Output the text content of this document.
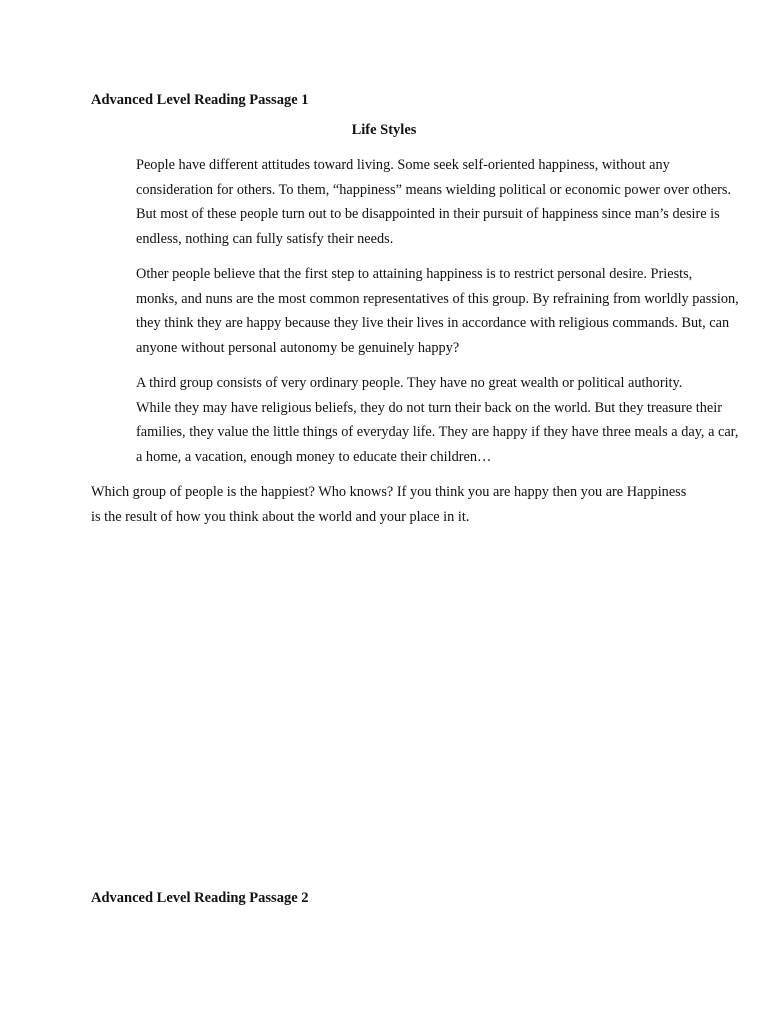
Advanced Level Reading Passage 1
Life Styles

People have different attitudes toward living. Some seek self-oriented happiness, without any
consideration for others. To them, “happiness” means wielding political or economic power over others.
But most of these people turn out to be disappointed in their pursuit of happiness since man’s desire is
endless, nothing can fully satisfy their needs.

Other people believe that the first step to attaining happiness is to restrict personal desire. Priests,
monks, and nuns are the most common representatives of this group. By refraining from worldly passion,
they think they are happy because they live their lives in accordance with religious commands. But, can
anyone without personal autonomy be genuinely happy?

A third group consists of very ordinary people. They have no great wealth or political authority.
While they may have religious beliefs, they do not turn their back on the world. But they treasure their
families, they value the little things of everyday life. They are happy if they have three meals a day, a car,
a home, a vacation, enough money to educate their children…

Which group of people is the happiest? Who knows? If you think you are happy then you are Happiness
is the result of how you think about the world and your place in it.

Advanced Level Reading Passage 2
